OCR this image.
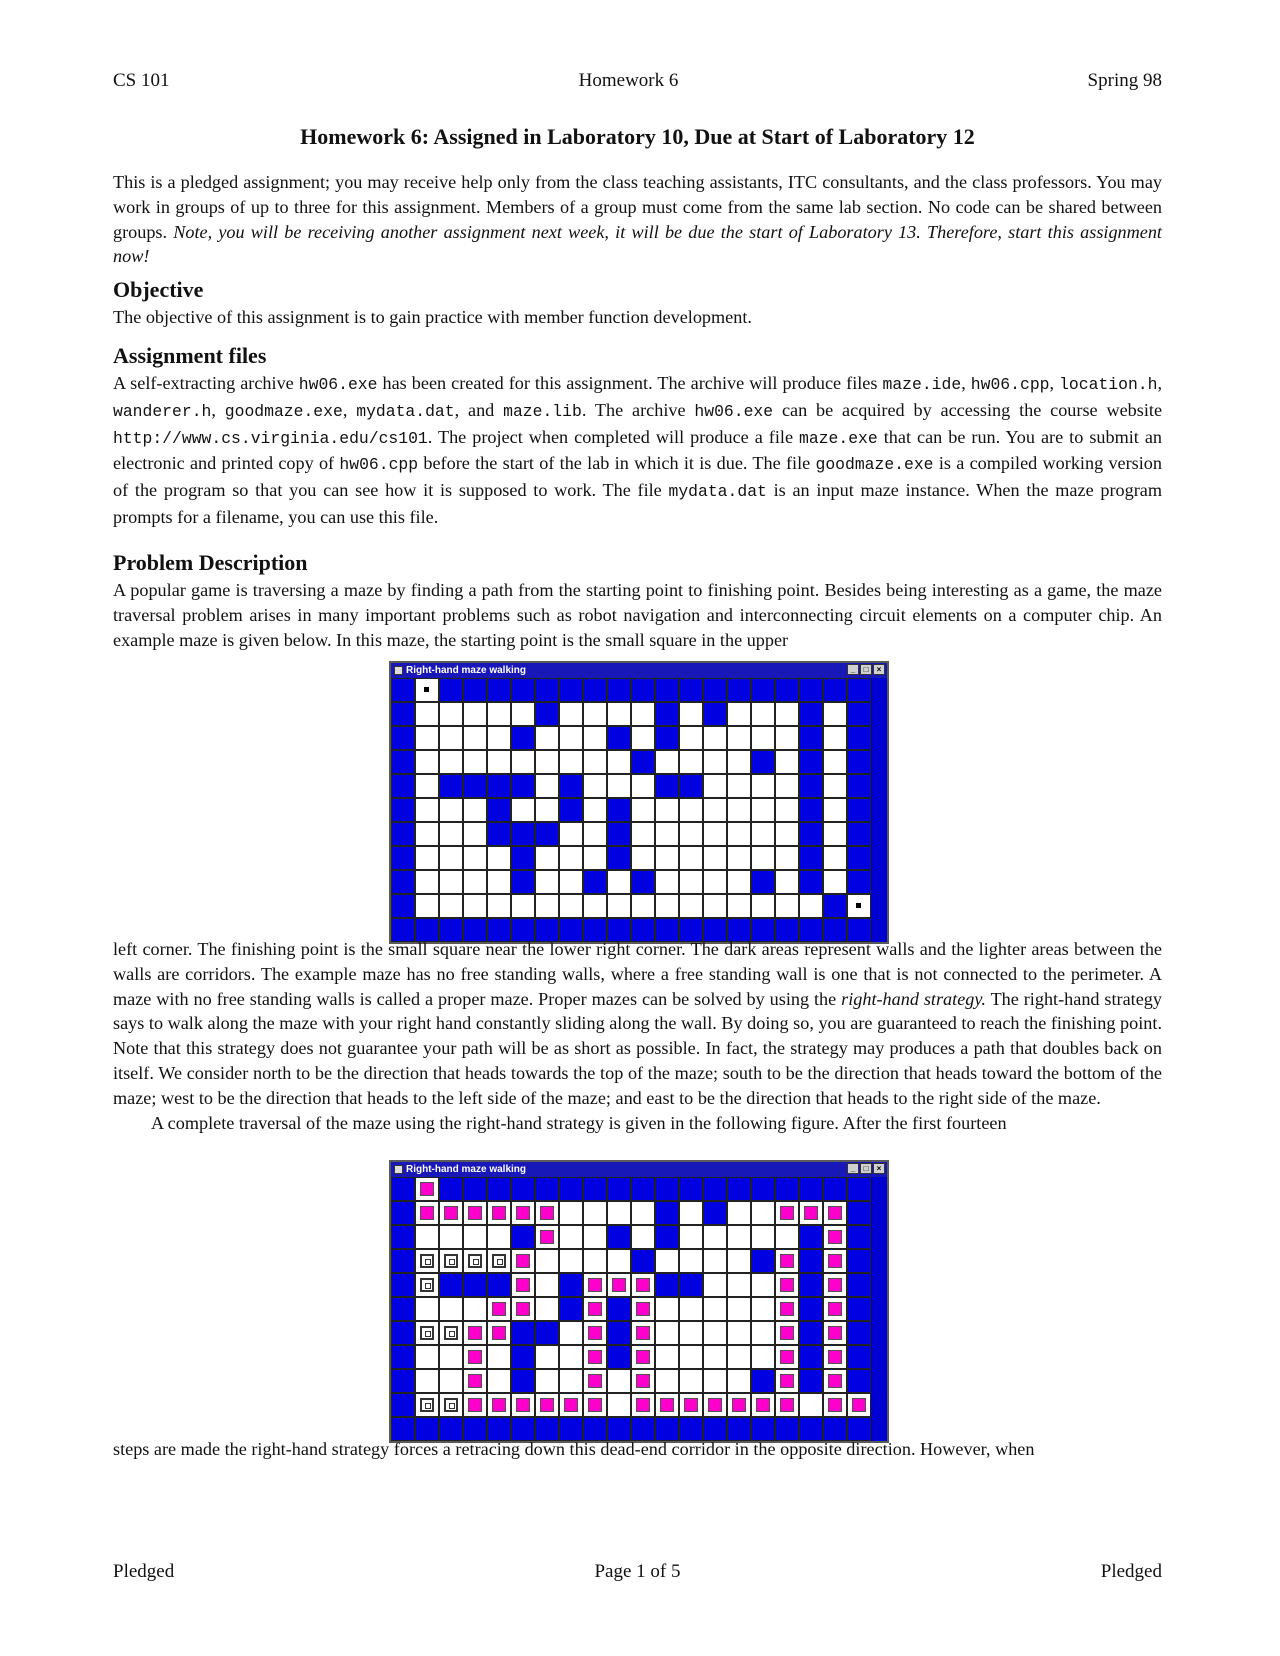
CS 101	Homework 6	Spring 98
Homework 6: Assigned in Laboratory 10, Due at Start of Laboratory 12

This is a pledged assignment; you may receive help only from the class teaching assistants, ITC consultants, and the class professors. You may work in groups of up to three for this assignment. Members of a group must come from the same lab section. No code can be shared between groups. Note, you will be receiving another assignment next week, it will be due the start of Laboratory 13. Therefore, start this assignment now!

Objective

The objective of this assignment is to gain practice with member function development.

Assignment files

A self-extracting archive hw06.exe has been created for this assignment. The archive will produce files maze.ide, hw06.cpp, location.h, wanderer.h, goodmaze.exe, mydata.dat, and maze.lib. The archive hw06.exe can be acquired by accessing the course website http://www.cs.virginia.edu/cs101. The project when completed will produce a file maze.exe that can be run. You are to submit an electronic and printed copy of hw06.cpp before the start of the lab in which it is due. The file goodmaze.exe is a compiled working version of the program so that you can see how it is supposed to work. The file mydata.dat is an input maze instance. When the maze program prompts for a filename, you can use this file.

Problem Description

A popular game is traversing a maze by finding a path from the starting point to finishing point. Besides being interesting as a game, the maze traversal problem arises in many important problems such as robot navigation and interconnecting circuit elements on a computer chip. An example maze is given below. In this maze, the starting point is the small square in the upper

Right-hand maze walking	_	□	×

left corner. The finishing point is the small square near the lower right corner. The dark areas represent walls and the lighter areas between the walls are corridors. The example maze has no free standing walls, where a free standing wall is one that is not connected to the perimeter. A maze with no free standing walls is called a proper maze. Proper mazes can be solved by using the right-hand strategy. The right-hand strategy says to walk along the maze with your right hand constantly sliding along the wall. By doing so, you are guaranteed to reach the finishing point. Note that this strategy does not guarantee your path will be as short as possible. In fact, the strategy may produces a path that doubles back on itself. We consider north to be the direction that heads towards the top of the maze; south to be the direction that heads toward the bottom of the maze; west to be the direction that heads to the left side of the maze; and east to be the direction that heads to the right side of the maze.

A complete traversal of the maze using the right-hand strategy is given in the following figure. After the first fourteen

Right-hand maze walking	_	□	×

steps are made the right-hand strategy forces a retracing down this dead-end corridor in the opposite direction. However, when

Pledged	Page 1 of 5	Pledged
